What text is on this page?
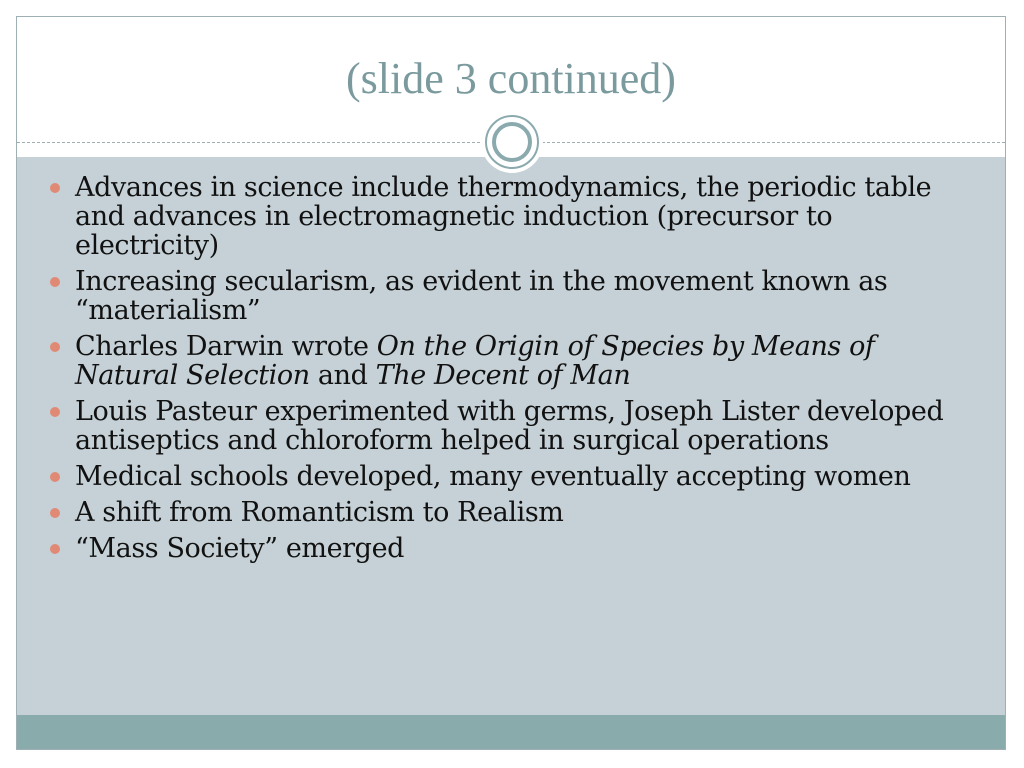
(slide 3 continued)
Advances in science include thermodynamics, the periodic table and advances in electromagnetic induction (precursor to electricity)
Increasing secularism, as evident in the movement known as “materialism”
Charles Darwin wrote On the Origin of Species by Means of Natural Selection and The Decent of Man
Louis Pasteur experimented with germs, Joseph Lister developed antiseptics and chloroform helped in surgical operations
Medical schools developed, many eventually accepting women
A shift from Romanticism to Realism
“Mass Society” emerged
